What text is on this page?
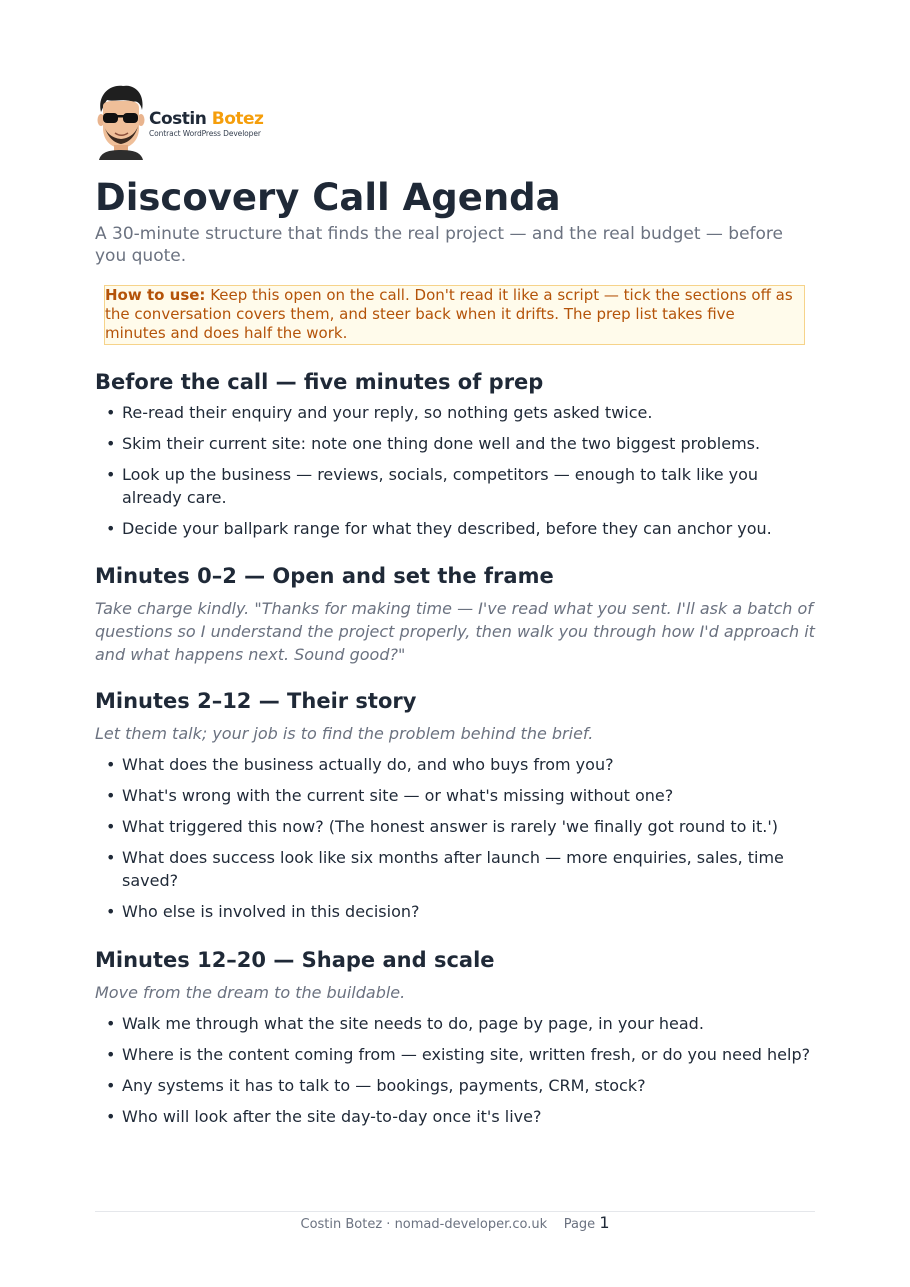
Costin Botez
Contract WordPress Developer
Discovery Call Agenda
A 30-minute structure that finds the real project — and the real budget — before you quote.
How to use: Keep this open on the call. Don't read it like a script — tick the sections off as the conversation covers them, and steer back when it drifts. The prep list takes five minutes and does half the work.
Before the call — five minutes of prep
• Re-read their enquiry and your reply, so nothing gets asked twice.
• Skim their current site: note one thing done well and the two biggest problems.
• Look up the business — reviews, socials, competitors — enough to talk like you already care.
• Decide your ballpark range for what they described, before they can anchor you.
Minutes 0–2 — Open and set the frame
Take charge kindly. "Thanks for making time — I've read what you sent. I'll ask a batch of questions so I understand the project properly, then walk you through how I'd approach it and what happens next. Sound good?"
Minutes 2–12 — Their story
Let them talk; your job is to find the problem behind the brief.
• What does the business actually do, and who buys from you?
• What's wrong with the current site — or what's missing without one?
• What triggered this now? (The honest answer is rarely 'we finally got round to it.')
• What does success look like six months after launch — more enquiries, sales, time saved?
• Who else is involved in this decision?
Minutes 12–20 — Shape and scale
Move from the dream to the buildable.
• Walk me through what the site needs to do, page by page, in your head.
• Where is the content coming from — existing site, written fresh, or do you need help?
• Any systems it has to talk to — bookings, payments, CRM, stock?
• Who will look after the site day-to-day once it's live?
Costin Botez · nomad-developer.co.uk Page 1
